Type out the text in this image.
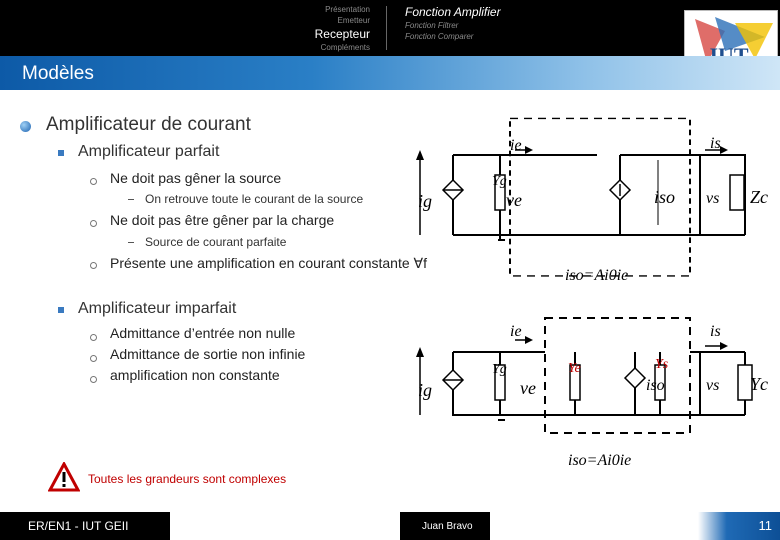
Présentation
Emetteur
Recepteur
Compléments
Fonction Amplifier
Fonction Filtrer
Fonction Comparer
Modèles
Amplificateur de courant
Amplificateur parfait
Ne doit pas gêner la source
On retrouve toute le courant de la source
Ne doit pas être gêner par la charge
Source de courant parfaite
Présente une amplification en courant constante ∀f
Amplificateur imparfait
Admittance d’entrée non nulle
Admittance de sortie non infinie
amplification non constante
ie	is
ig
Yg
ve	iso vs Zc
iso=Ai0ie
ie	is
ig
Yg
ve
Ye	Ys
iso	vs Yc
iso=Ai0ie
Toutes les grandeurs sont complexes
ER/EN1 - IUT GEII	Juan Bravo	11
